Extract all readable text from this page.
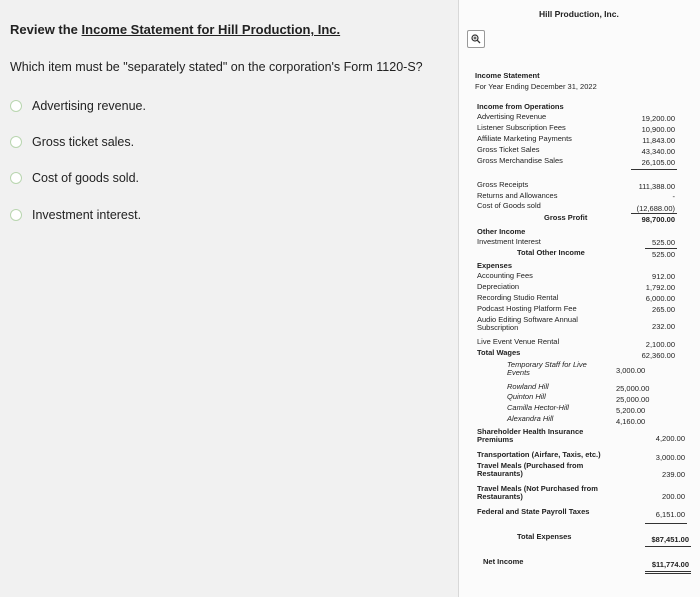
Review the Income Statement for Hill Production, Inc.
Which item must be "separately stated" on the corporation's Form 1120-S?
Advertising revenue.
Gross ticket sales.
Cost of goods sold.
Investment interest.
Hill Production, Inc.
Income Statement
For Year Ending December 31, 2022
Income from Operations
Advertising Revenue	19,200.00
Listener Subscription Fees	10,900.00
Affiliate Marketing Payments	11,843.00
Gross Ticket Sales	43,340.00
Gross Merchandise Sales	26,105.00
Gross Receipts	111,388.00
Returns and Allowances	-
Cost of Goods sold	(12,688.00)
Gross Profit	98,700.00
Other Income
Investment Interest	525.00
Total Other Income	525.00
Expenses
Accounting Fees	912.00
Depreciation	1,792.00
Recording Studio Rental	6,000.00
Podcast Hosting Platform Fee	265.00
Audio Editing Software Annual Subscription	232.00
Live Event Venue Rental	2,100.00
Total Wages	62,360.00
Temporary Staff for Live Events	3,000.00
Rowland Hill	25,000.00
Quinton Hill	25,000.00
Camilla Hector-Hill	5,200.00
Alexandra Hill	4,160.00
Shareholder Health Insurance Premiums	4,200.00
Transportation (Airfare, Taxis, etc.)	3,000.00
Travel Meals (Purchased from Restaurants)	239.00
Travel Meals (Not Purchased from Restaurants)	200.00
Federal and State Payroll Taxes	6,151.00
Total Expenses	$87,451.00
Net Income	$11,774.00
